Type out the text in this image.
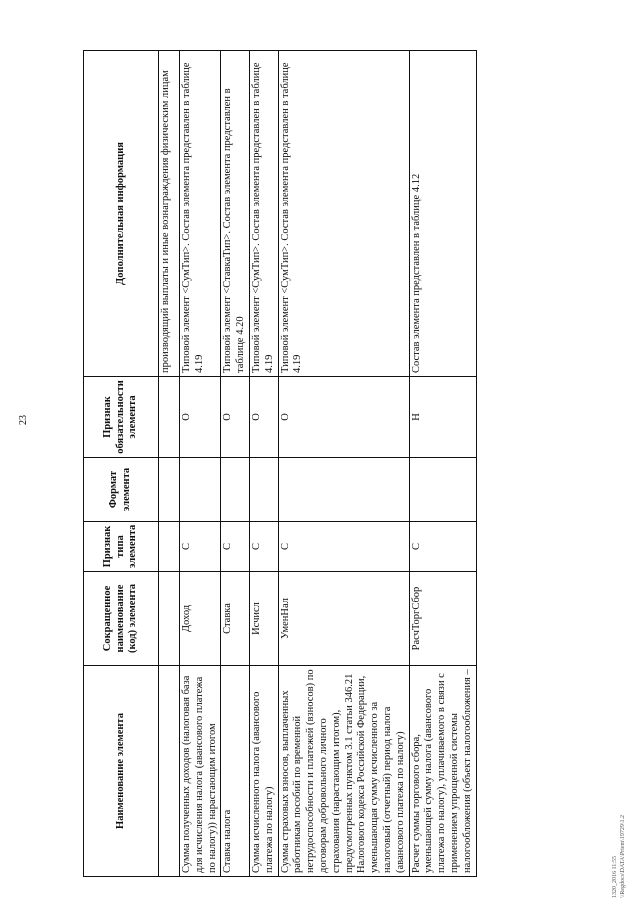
23
Наименование элемента	Сокращенное наименование (код) элемента	Признак типа элемента	Формат элемента	Признак обязательности элемента	Дополнительная информация
					производящий выплаты и иные вознаграждения физическим лицам
Сумма полученных доходов (налоговая база для исчисления налога (авансового платежа по налогу)) нарастающим итогом	Доход	С		О	Типовой элемент <СумТип>. Состав элемента представлен в таблице 4.19
Ставка налога	Ставка	С		О	Типовой элемент <СтавкаТип>. Состав элемента представлен в таблице 4.20
Сумма исчисленного налога (авансового платежа по налогу)	Исчисл	С		О	Типовой элемент <СумТип>. Состав элемента представлен в таблице 4.19
Сумма страховых взносов, выплаченных работникам пособий по временной нетрудоспособности и платежей (взносов) по договорам добровольного личного страхования (нарастающим итогом), предусмотренных пунктом 3.1 статьи 346.21 Налогового кодекса Российской Федерации, уменьшающая сумму исчисленного за налоговый (отчетный) период налога (авансового платежа по налогу)	УменНал	С		О	Типовой элемент <СумТип>. Состав элемента представлен в таблице 4.19
Расчет суммы торгового сбора, уменьшающей сумму налога (авансового платежа по налогу), уплачиваемого в связи с применением упрощенной системы налогообложения (объект налогообложения –	РасчТоргСбор	С		Н	Состав элемента представлен в таблице 4.12
1320_2016 11:55 \\Regdocs\DATA\Priem\19729\1.2
